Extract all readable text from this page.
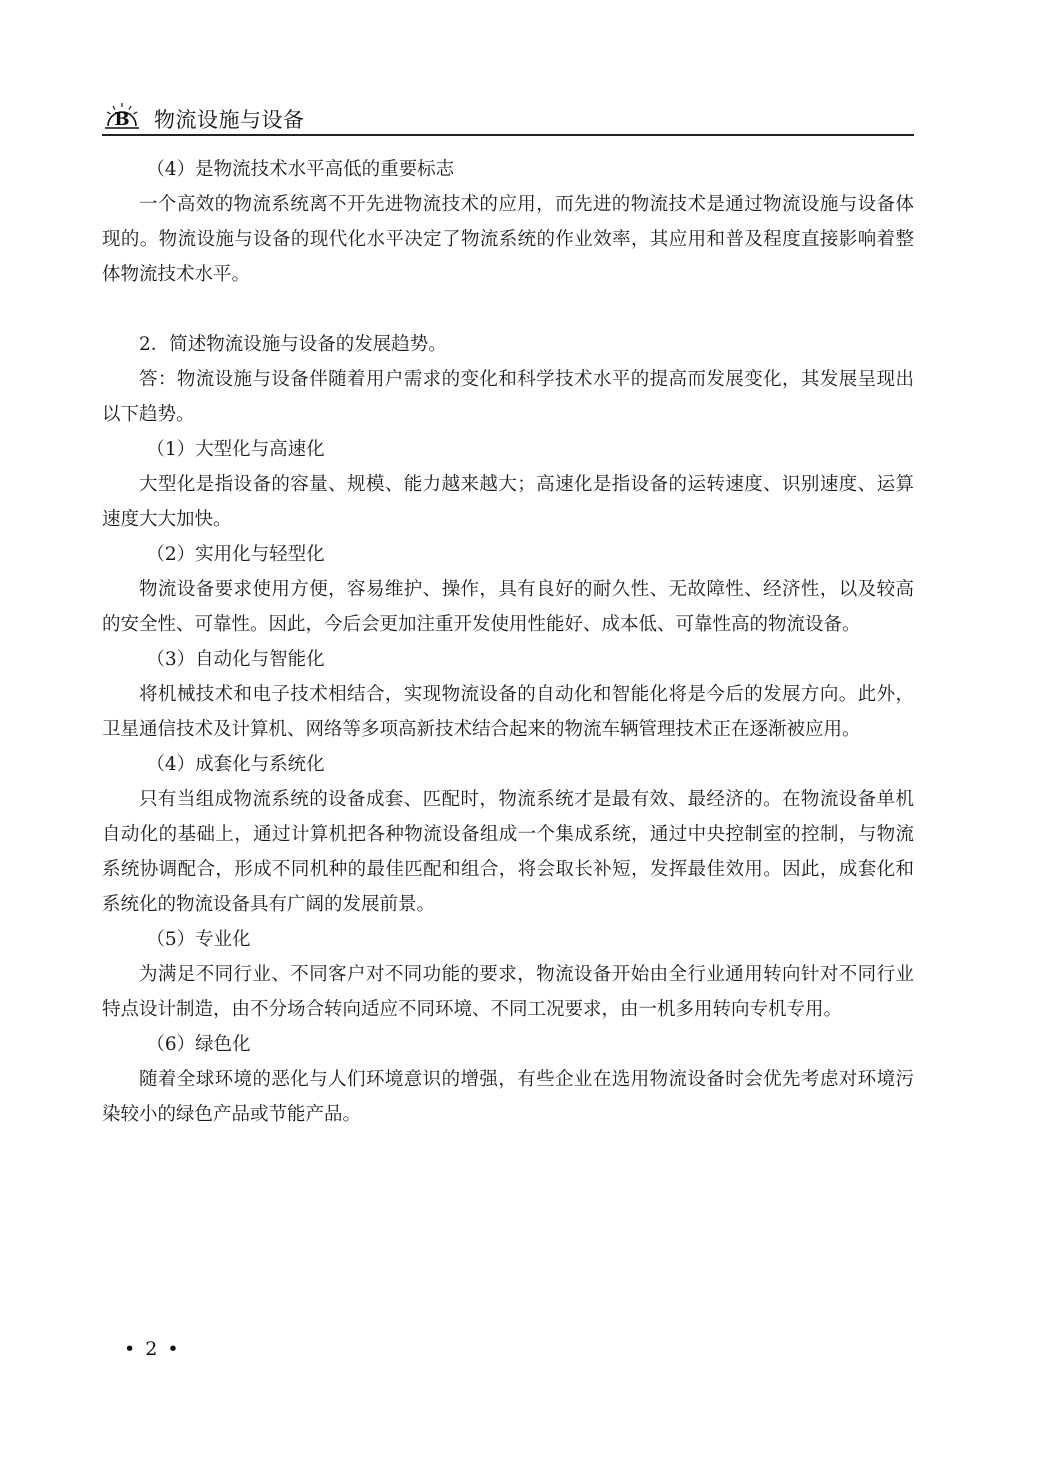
B 物流设施与设备

（4）是物流技术水平高低的重要标志

一个高效的物流系统离不开先进物流技术的应用，而先进的物流技术是通过物流设施与设备体现的。物流设施与设备的现代化水平决定了物流系统的作业效率，其应用和普及程度直接影响着整体物流技术水平。

2．简述物流设施与设备的发展趋势。

答：物流设施与设备伴随着用户需求的变化和科学技术水平的提高而发展变化，其发展呈现出以下趋势。

（1）大型化与高速化

大型化是指设备的容量、规模、能力越来越大；高速化是指设备的运转速度、识别速度、运算速度大大加快。

（2）实用化与轻型化

物流设备要求使用方便，容易维护、操作，具有良好的耐久性、无故障性、经济性，以及较高的安全性、可靠性。因此，今后会更加注重开发使用性能好、成本低、可靠性高的物流设备。

（3）自动化与智能化

将机械技术和电子技术相结合，实现物流设备的自动化和智能化将是今后的发展方向。此外，卫星通信技术及计算机、网络等多项高新技术结合起来的物流车辆管理技术正在逐渐被应用。

（4）成套化与系统化

只有当组成物流系统的设备成套、匹配时，物流系统才是最有效、最经济的。在物流设备单机自动化的基础上，通过计算机把各种物流设备组成一个集成系统，通过中央控制室的控制，与物流系统协调配合，形成不同机种的最佳匹配和组合，将会取长补短，发挥最佳效用。因此，成套化和系统化的物流设备具有广阔的发展前景。

（5）专业化

为满足不同行业、不同客户对不同功能的要求，物流设备开始由全行业通用转向针对不同行业特点设计制造，由不分场合转向适应不同环境、不同工况要求，由一机多用转向专机专用。

（6）绿色化

随着全球环境的恶化与人们环境意识的增强，有些企业在选用物流设备时会优先考虑对环境污染较小的绿色产品或节能产品。

• 2 •
